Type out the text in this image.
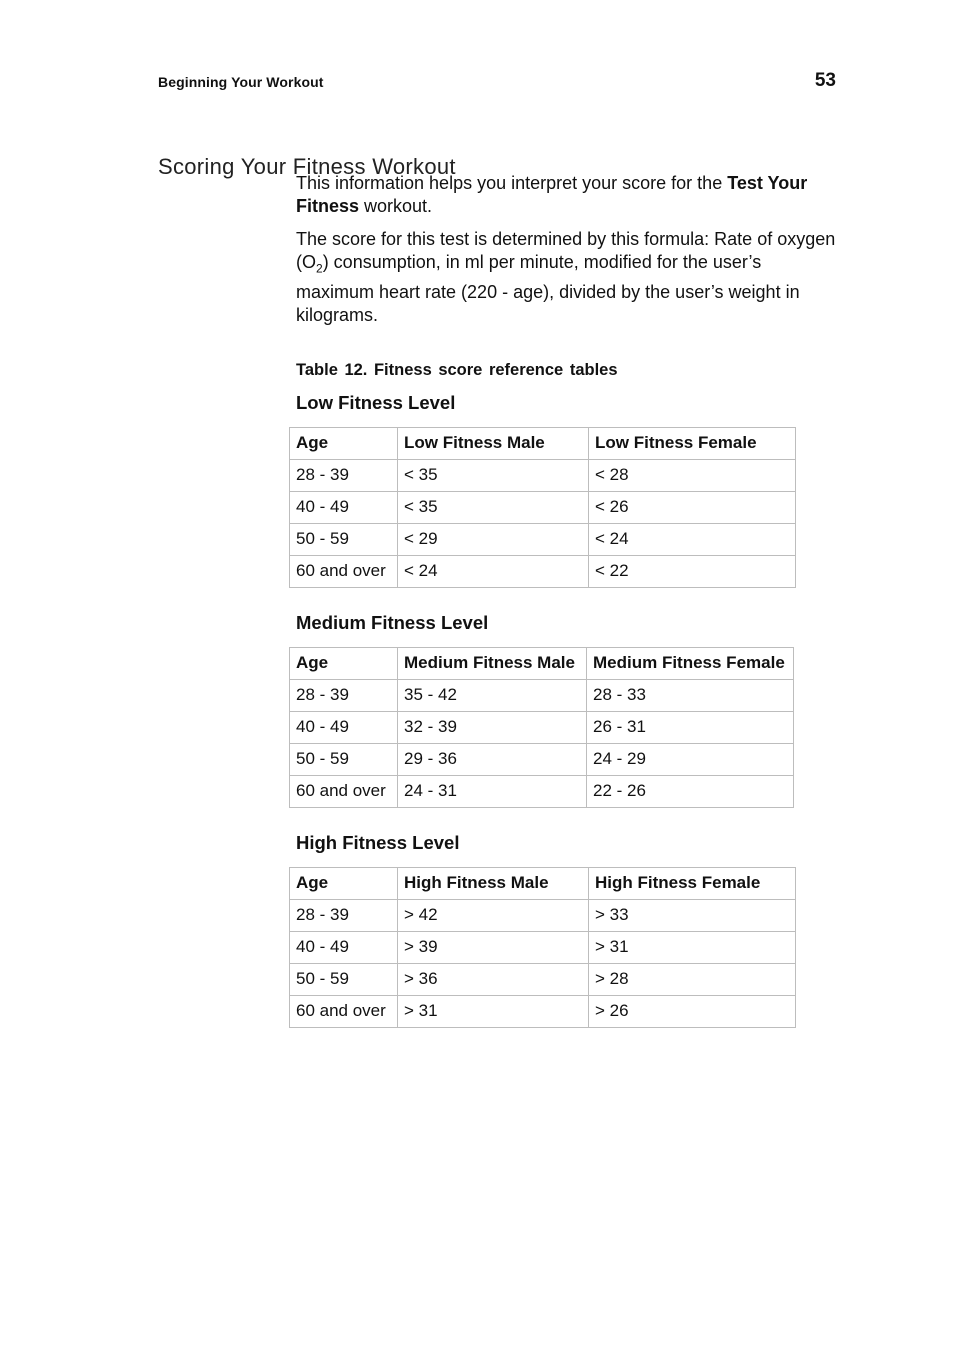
Beginning Your Workout	53
Scoring Your Fitness Workout

This information helps you interpret your score for the Test Your Fitness workout.

The score for this test is determined by this formula: Rate of oxygen $(O_2)$ consumption, in ml per minute, modified for the user’s maximum heart rate (220 - age), divided by the user’s weight in kilograms.

Table 12. Fitness score reference tables
Low Fitness Level
Age	Low Fitness Male	Low Fitness Female
28 - 39	< 35	< 28
40 - 49	< 35	< 26
50 - 59	< 29	< 24
60 and over	< 24	< 22
Medium Fitness Level
Age	Medium Fitness Male	Medium Fitness Female
28 - 39	35 - 42	28 - 33
40 - 49	32 - 39	26 - 31
50 - 59	29 - 36	24 - 29
60 and over	24 - 31	22 - 26
High Fitness Level
Age	High Fitness Male	High Fitness Female
28 - 39	> 42	> 33
40 - 49	> 39	> 31
50 - 59	> 36	> 28
60 and over	> 31	> 26
